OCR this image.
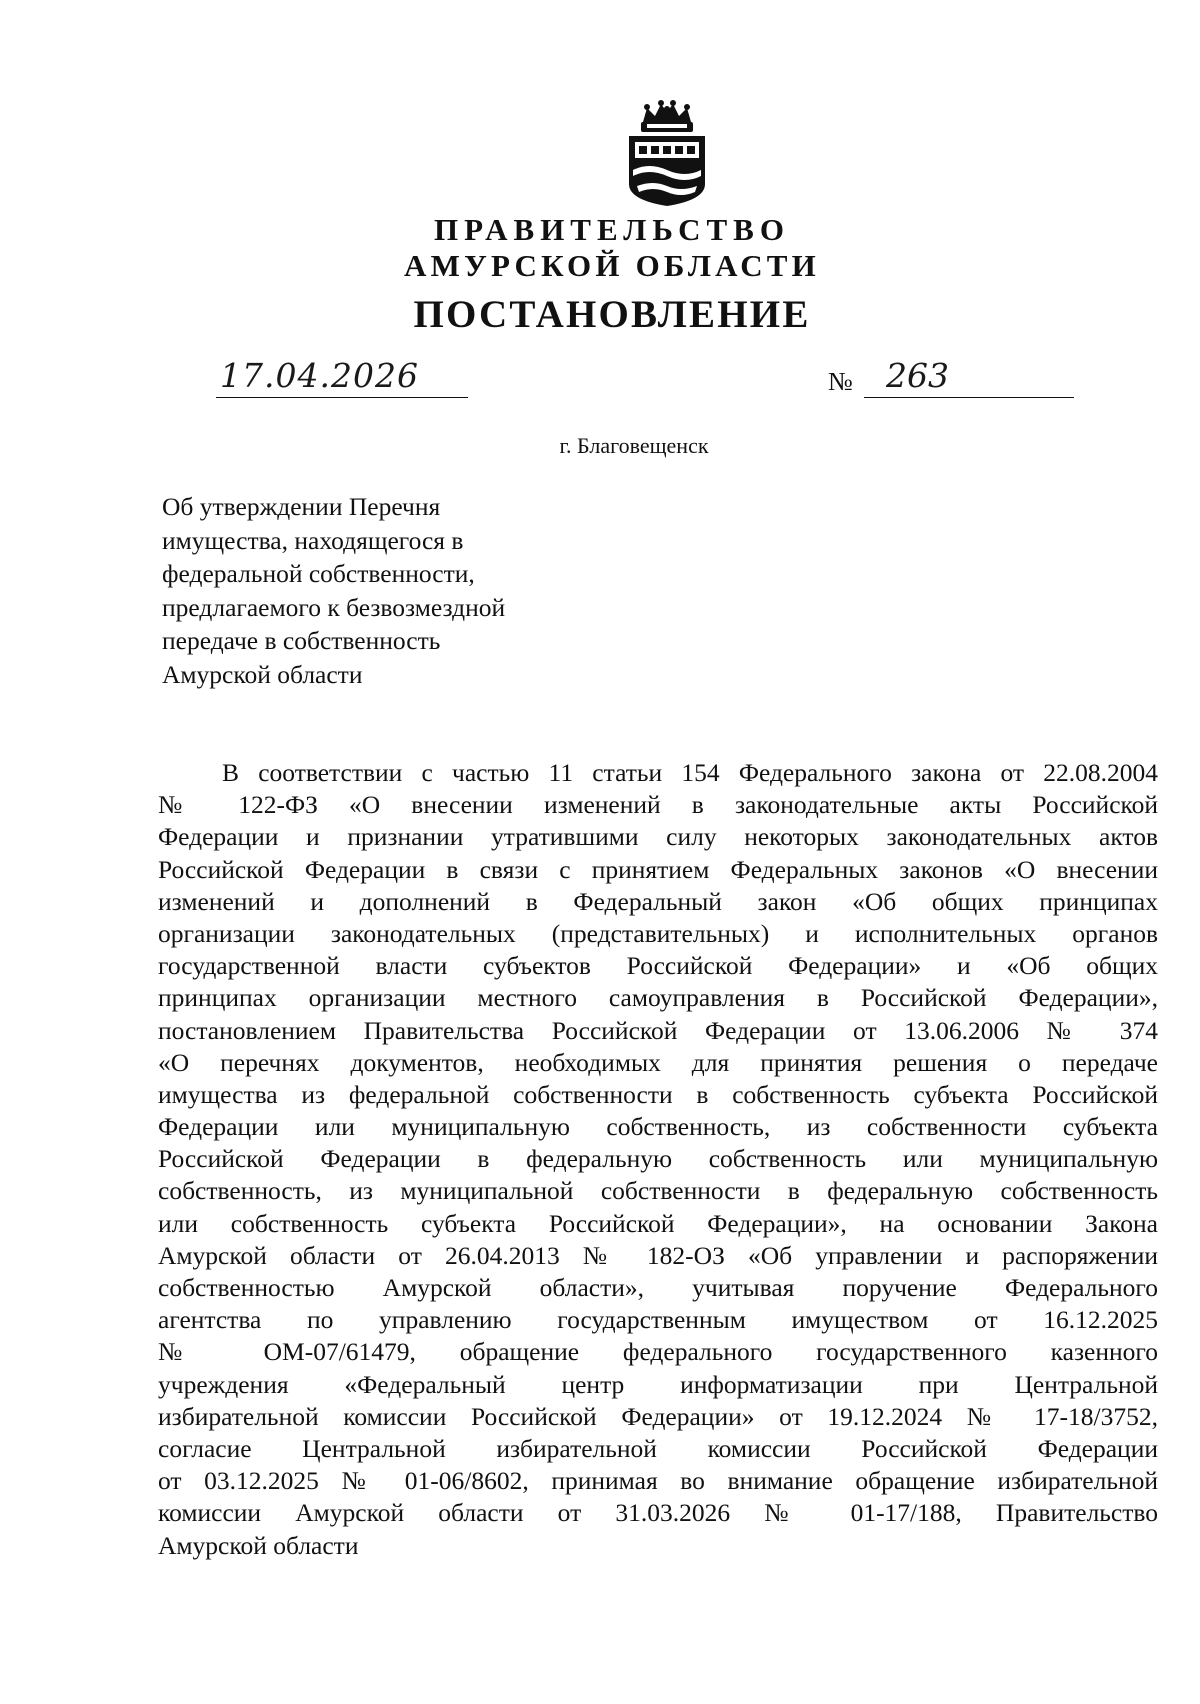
ПРАВИТЕЛЬСТВО
АМУРСКОЙ ОБЛАСТИ
ПОСТАНОВЛЕНИЕ
17.04.2026	№ 263
г. Благовещенск
Об утверждении Перечня
имущества, находящегося в
федеральной собственности,
предлагаемого к безвозмездной
передаче в собственность
Амурской области
В соответствии с частью 11 статьи 154 Федерального закона от 22.08.2004
№ 122-ФЗ «О внесении изменений в законодательные акты Российской
Федерации и признании утратившими силу некоторых законодательных актов
Российской Федерации в связи с принятием Федеральных законов «О внесении
изменений и дополнений в Федеральный закон «Об общих принципах
организации законодательных (представительных) и исполнительных органов
государственной власти субъектов Российской Федерации» и «Об общих
принципах организации местного самоуправления в Российской Федерации»,
постановлением Правительства Российской Федерации от 13.06.2006 № 374
«О перечнях документов, необходимых для принятия решения о передаче
имущества из федеральной собственности в собственность субъекта Российской
Федерации или муниципальную собственность, из собственности субъекта
Российской Федерации в федеральную собственность или муниципальную
собственность, из муниципальной собственности в федеральную собственность
или собственность субъекта Российской Федерации», на основании Закона
Амурской области от 26.04.2013 № 182-ОЗ «Об управлении и распоряжении
собственностью Амурской области», учитывая поручение Федерального
агентства по управлению государственным имуществом от 16.12.2025
№ ОМ-07/61479, обращение федерального государственного казенного
учреждения «Федеральный центр информатизации при Центральной
избирательной комиссии Российской Федерации» от 19.12.2024 № 17-18/3752,
согласие Центральной избирательной комиссии Российской Федерации
от 03.12.2025 № 01-06/8602, принимая во внимание обращение избирательной
комиссии Амурской области от 31.03.2026 № 01-17/188, Правительство
Амурской области
